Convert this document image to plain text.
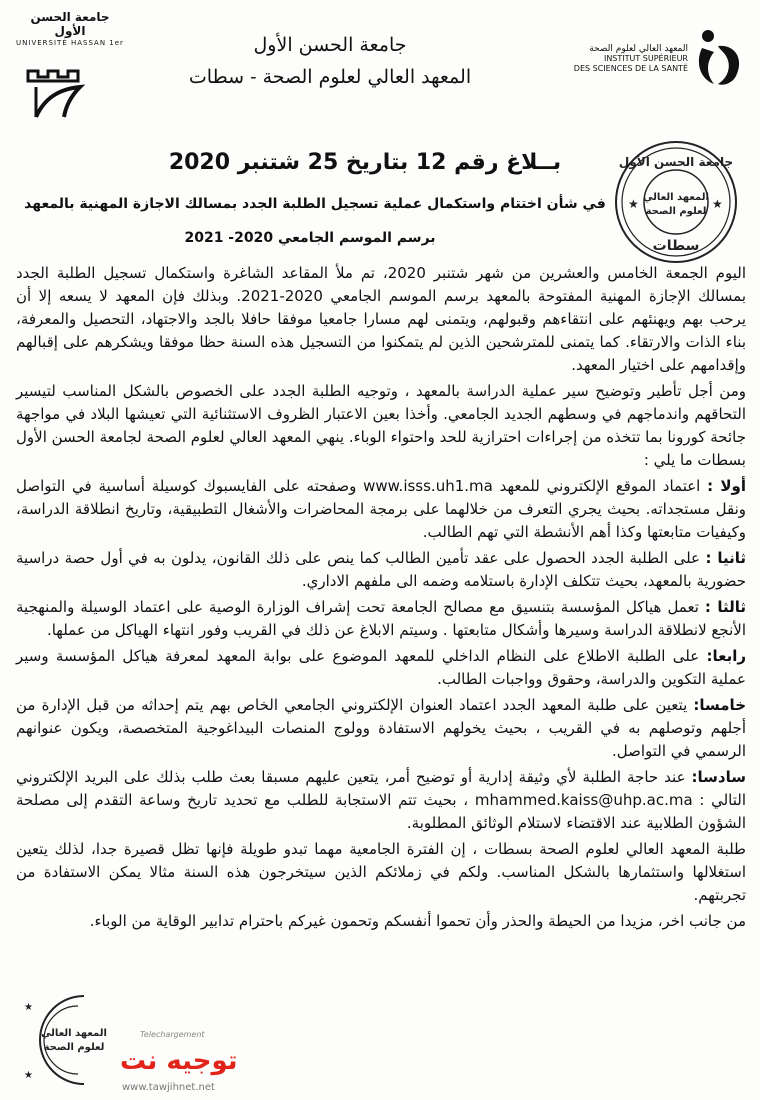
جامعة الحسن الأول
UNIVERSITÉ HASSAN 1er	جامعة الحسن الأول
المعهد العالي لعلوم الصحة - سطات
المعهد العالي لعلوم الصحة
INSTITUT SUPÉRIEUR
DES SCIENCES DE LA SANTÉ
جامعة الحسن الأول
المعهد العالي
لعلوم الصحة
سطات
★	★
بــلاغ رقم 12 بتاريخ 25 شتنبر 2020
في شأن اختتام واستكمال عملية تسجيل الطلبة الجدد بمسالك الاجازة المهنية بالمعهد
برسم الموسم الجامعي 2020- 2021

اليوم الجمعة الخامس والعشرين من شهر شتنبر 2020، تم ملأ المقاعد الشاغرة واستكمال تسجيل الطلبة الجدد بمسالك الإجازة المهنية المفتوحة بالمعهد برسم الموسم الجامعي 2020-2021. وبذلك فإن المعهد لا يسعه إلا أن يرحب بهم ويهنئهم على انتقاءهم وقبولهم، ويتمنى لهم مسارا جامعيا موفقا حافلا بالجد والاجتهاد، التحصيل والمعرفة، بناء الذات والارتقاء. كما يتمنى للمترشحين الذين لم يتمكنوا من التسجيل هذه السنة حظا موفقا ويشكرهم على إقبالهم وإقدامهم على اختيار المعهد.

ومن أجل تأطير وتوضيح سير عملية الدراسة بالمعهد ، وتوجيه الطلبة الجدد على الخصوص بالشكل المناسب لتيسير التحاقهم واندماجهم في وسطهم الجديد الجامعي. وأخذا بعين الاعتبار الظروف الاستثنائية التي تعيشها البلاد في مواجهة جائحة كورونا بما تتخذه من إجراءات احترازية للحد واحتواء الوباء. ينهي المعهد العالي لعلوم الصحة لجامعة الحسن الأول بسطات ما يلي :

أولا : اعتماد الموقع الإلكتروني للمعهد www.isss.uh1.ma وصفحته على الفايسبوك كوسيلة أساسية في التواصل ونقل مستجداته. بحيث يجري التعرف من خلالهما على برمجة المحاضرات والأشغال التطبيقية، وتاريخ انطلاقة الدراسة، وكيفيات متابعتها وكذا أهم الأنشطة التي تهم الطالب.

ثانيا : على الطلبة الجدد الحصول على عقد تأمين الطالب كما ينص على ذلك القانون، يدلون به في أول حصة دراسية حضورية بالمعهد، بحيث تتكلف الإدارة باستلامه وضمه الى ملفهم الاداري.

ثالثا : تعمل هياكل المؤسسة بتنسيق مع مصالح الجامعة تحت إشراف الوزارة الوصية على اعتماد الوسيلة والمنهجية الأنجع لانطلاقة الدراسة وسيرها وأشكال متابعتها . وسيتم الابلاغ عن ذلك في القريب وفور انتهاء الهياكل من عملها.

رابعا: على الطلبة الاطلاع على النظام الداخلي للمعهد الموضوع على بوابة المعهد لمعرفة هياكل المؤسسة وسير عملية التكوين والدراسة، وحقوق وواجبات الطالب.

خامسا: يتعين على طلبة المعهد الجدد اعتماد العنوان الإلكتروني الجامعي الخاص بهم يتم إحداثه من قبل الإدارة من أجلهم وتوصلهم به في القريب ، بحيث يخولهم الاستفادة وولوج المنصات البيداغوجية المتخصصة، ويكون عنوانهم الرسمي في التواصل.

سادسا: عند حاجة الطلبة لأي وثيقة إدارية أو توضيح أمر، يتعين عليهم مسبقا بعث طلب بذلك على البريد الإلكتروني التالي : mhammed.kaiss@uhp.ac.ma ، بحيث تتم الاستجابة للطلب مع تحديد تاريخ وساعة التقدم إلى مصلحة الشؤون الطلابية عند الاقتضاء لاستلام الوثائق المطلوبة.

طلبة المعهد العالي لعلوم الصحة بسطات ، إن الفترة الجامعية مهما تبدو طويلة فإنها تظل قصيرة جدا، لذلك يتعين استغلالها واستثمارها بالشكل المناسب. ولكم في زملائكم الذين سيتخرجون هذه السنة مثالا يمكن الاستفادة من تجربتهم.

من جانب اخر، مزيدا من الحيطة والحذر وأن تحموا أنفسكم وتحمون غيركم باحترام تدابير الوقاية من الوباء.

★
★
المعهد العالي
لعلوم الصحة
Telechargement
توجيه نت
www.tawjihnet.net
